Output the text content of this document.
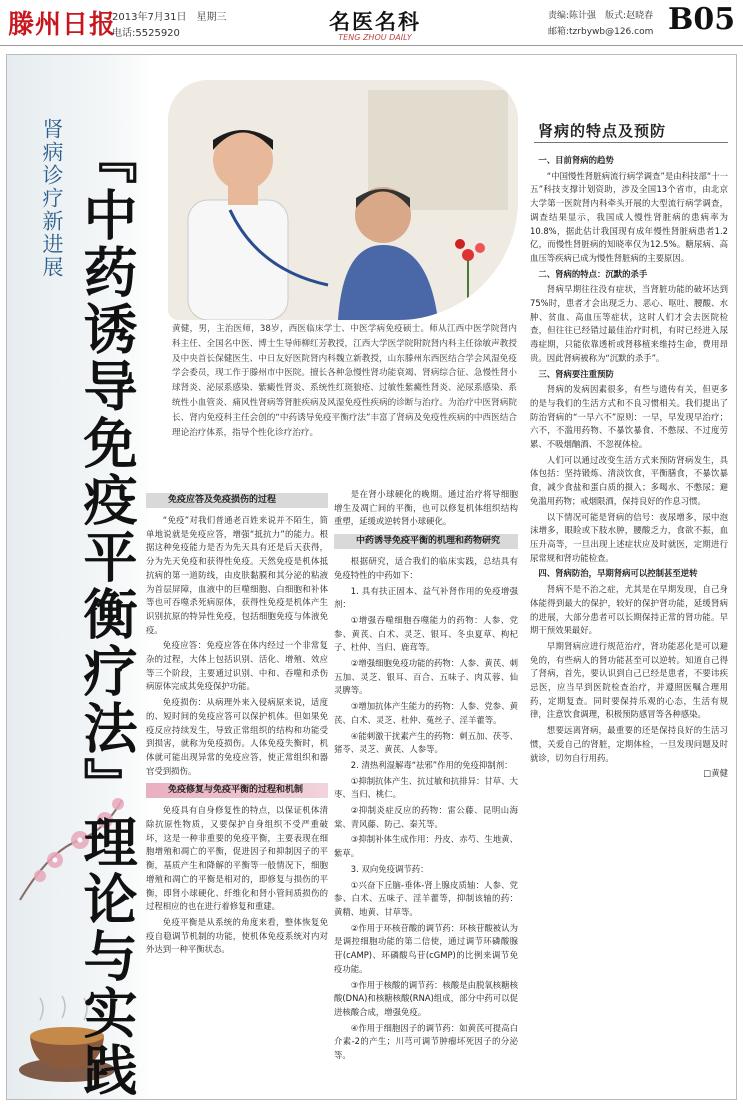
滕州日报
2013年7月31日　星期三
电话:5525920	名医名科
TENG ZHOU DAILY
责编:陈计强　版式:赵晓春
邮箱:tzrbywb@126.com B05
肾病诊疗新进展 『中药诱导免疫平衡疗法』理论与实践	黄健，男，主治医师，38岁，西医临床学士、中医学病免疫硕士。师从江西中医学院肾内科主任、全国名中医、博士生导师柳红芳教授，江西大学医学院附院肾内科主任徐敏声教授及中央首长保健医生、中日友好医院肾内科魏立新教授，山东滕州东西医结合学会风湿免疫学会委员，现工作于滕州市中医院。擅长各种急慢性肾功能衰竭、肾病综合征、急慢性肾小球肾炎、泌尿系感染、紫癜性肾炎、系统性红斑狼疮、过敏性紫癜性肾炎、泌尿系感染、系统性小血管炎、痛风性肾病等肾脏疾病及风湿免疫性疾病的诊断与治疗。为治疗中医肾病院长、肾内免疫科主任会创的“中药诱导免疫平衡疗法”丰富了肾病及免疫性疾病的中西医结合理论治疗体系，指导个性化诊疗治疗。
免疫应答及免疫损伤的过程

“免疫”对我们普通老百姓来说并不陌生，简单地说就是免疫应答，增强“抵抗力”的能力。根据这种免疫能力是否为先天具有还是后天获得，分为先天免疫和获得性免疫。天然免疫是机体抵抗病的第一道防线，由皮肤黏膜和其分泌的粘液为首层屏障，血液中的巨噬细胞、白细胞和补体等也可吞噬杀死病原体，获得性免疫是机体产生识别抗原的特异性免疫，包括细胞免疫与体液免疫。

免疫应答：免疫应答在体内经过一个非常复杂的过程，大体上包括识别、活化、增殖、效应等三个阶段，主要通过识别、中和、吞噬和杀伤病原体完成其免疫保护功能。

免疫损伤：从病理外来入侵病原来说，适度的、短时间的免疫应答可以保护机体。但如果免疫反应持续发生，导致正常组织的结构和功能受到损害，就称为免疫损伤。人体免疫失衡时，机体就可能出现异常的免疫应答，使正常组织和器官受到损伤。

免疫修复与免疫平衡的过程和机制

免疫具有自身修复性的特点，以保证机体清除抗原性物质，又要保护自身组织不受严重破坏，这是一种非重要的免疫平衡，主要表现在细胞增殖和凋亡的平衡，促进因子和抑制因子的平衡，基质产生和降解的平衡等一般情况下，细胞增殖和凋亡的平衡是相对的，即修复与损伤的平衡，即肾小球硬化、纤维化和肾小管间质损伤的过程相应的也在进行着修复和重建。

免疫平衡是从系统的角度来看，整体恢复免疫自稳调节机制的功能，使机体免疫系统对内对外达到一种平衡状态。

是在肾小球硬化的晚期。通过治疗将导细胞增生及凋亡间的平衡，也可以修复机体组织结构重塑，延缓或逆转肾小球硬化。

中药诱导免疫平衡的机理和药物研究

根据研究，适合我们的临床实践，总结具有免疫特性的中药如下：

1. 具有扶正固本、益气补肾作用的免疫增强剂：

①增强吞噬细胞吞噬能力的药物：人参、党参、黄芪、白术、灵芝、银耳、冬虫夏草、枸杞子、杜仲、当归、鹿茸等。

②增强细胞免疫功能的药物：人参、黄芪、刺五加、灵芝、银耳、百合、五味子、肉苁蓉、仙灵脾等。

③增加抗体产生能力的药物：人参、党参、黄芪、白术、灵芝、杜仲、菟丝子、淫羊藿等。

④能刺激干扰素产生的药物：刺五加、茯苓、猪苓、灵芝、黄芪、人参等。

2. 清热利湿解毒“祛邪”作用的免疫抑制剂：

①抑制抗体产生、抗过敏和抗排异：甘草、大枣、当归、桃仁。

②抑制炎症反应的药物：雷公藤、昆明山海棠、青风藤、防己、秦艽等。

③抑制补体生成作用：丹皮、赤芍、生地黄、紫草。

3. 双向免疫调节药：

①兴奋下丘脑-垂体-肾上腺皮质轴：人参、党参、白术、五味子、淫羊藿等，抑制该轴的药：黄精、地黄、甘草等。

②作用于环核苷酸的调节药：环核苷酸被认为是调控细胞功能的第二信使，通过调节环磷酸腺苷(cAMP)、环磷酸鸟苷(cGMP)的比例来调节免疫功能。

③作用于核酸的调节药：核酸是由脱氧核糖核酸(DNA)和核糖核酸(RNA)组成，部分中药可以促进核酸合成，增强免疫。

④作用于细胞因子的调节药：如黄芪可提高白介素-2的产生；川芎可调节肿瘤坏死因子的分泌等。

肾病的特点及预防

一、目前肾病的趋势

“中国慢性肾脏病流行病学调查”是由科技部“十一五”科技支撑计划资助，涉及全国13个省市，由北京大学第一医院肾内科牵头开展的大型流行病学调查，调查结果显示，我国成人慢性肾脏病的患病率为10.8%，据此估计我国现有成年慢性肾脏病患者1.2亿，而慢性肾脏病的知晓率仅为12.5%。糖尿病、高血压等疾病已成为慢性肾脏病的主要原因。

二、肾病的特点：沉默的杀手

肾病早期往往没有症状，当肾脏功能的破坏达到75%时，患者才会出现乏力、恶心、呕吐、腰酸、水肿、贫血、高血压等症状，这时人们才会去医院检查，但往往已经错过最佳治疗时机，有时已经进入尿毒症期，只能依靠透析或肾移植来维持生命，费用昂贵。因此肾病被称为“沉默的杀手”。

三、肾病要注重预防

肾病的发病因素很多，有些与遗传有关，但更多的是与我们的生活方式和不良习惯相关。我们提出了防治肾病的“一早六不”原则：一早，早发现早治疗；六不，不滥用药物、不暴饮暴食、不憋尿、不过度劳累、不吸烟酗酒、不忽视体检。

人们可以通过改变生活方式来预防肾病发生，具体包括：坚持锻炼、清淡饮食，平衡膳食，不暴饮暴食，减少食盐和蛋白质的摄入；多喝水、不憋尿；避免滥用药物；戒烟限酒，保持良好的作息习惯。

以下情况可能是肾病的信号：夜尿增多，尿中泡沫增多，眼睑或下肢水肿，腰酸乏力，食欲不振，血压升高等，一旦出现上述症状应及时就医，定期进行尿常规和肾功能检查。

四、肾病防治，早期肾病可以控制甚至逆转

肾病不是不治之症，尤其是在早期发现，自己身体能得到最大的保护，较好的保护肾功能，延缓肾病的进展，大部分患者可以长期保持正常的肾功能。早期干预效果最好。

早期肾病应进行规范治疗，肾功能恶化是可以避免的，有些病人的肾功能甚至可以逆转。知道自己得了肾病，首先，要认识到自己已经是患者，不要讳疾忌医，应当早到医院检查治疗，并遵照医嘱合理用药，定期复查。同时要保持乐观的心态，生活有规律，注意饮食调理，积极预防感冒等各种感染。

想要远离肾病，最重要的还是保持良好的生活习惯，关爱自己的肾脏，定期体检，一旦发现问题及时就诊，切勿自行用药。

□黄健
